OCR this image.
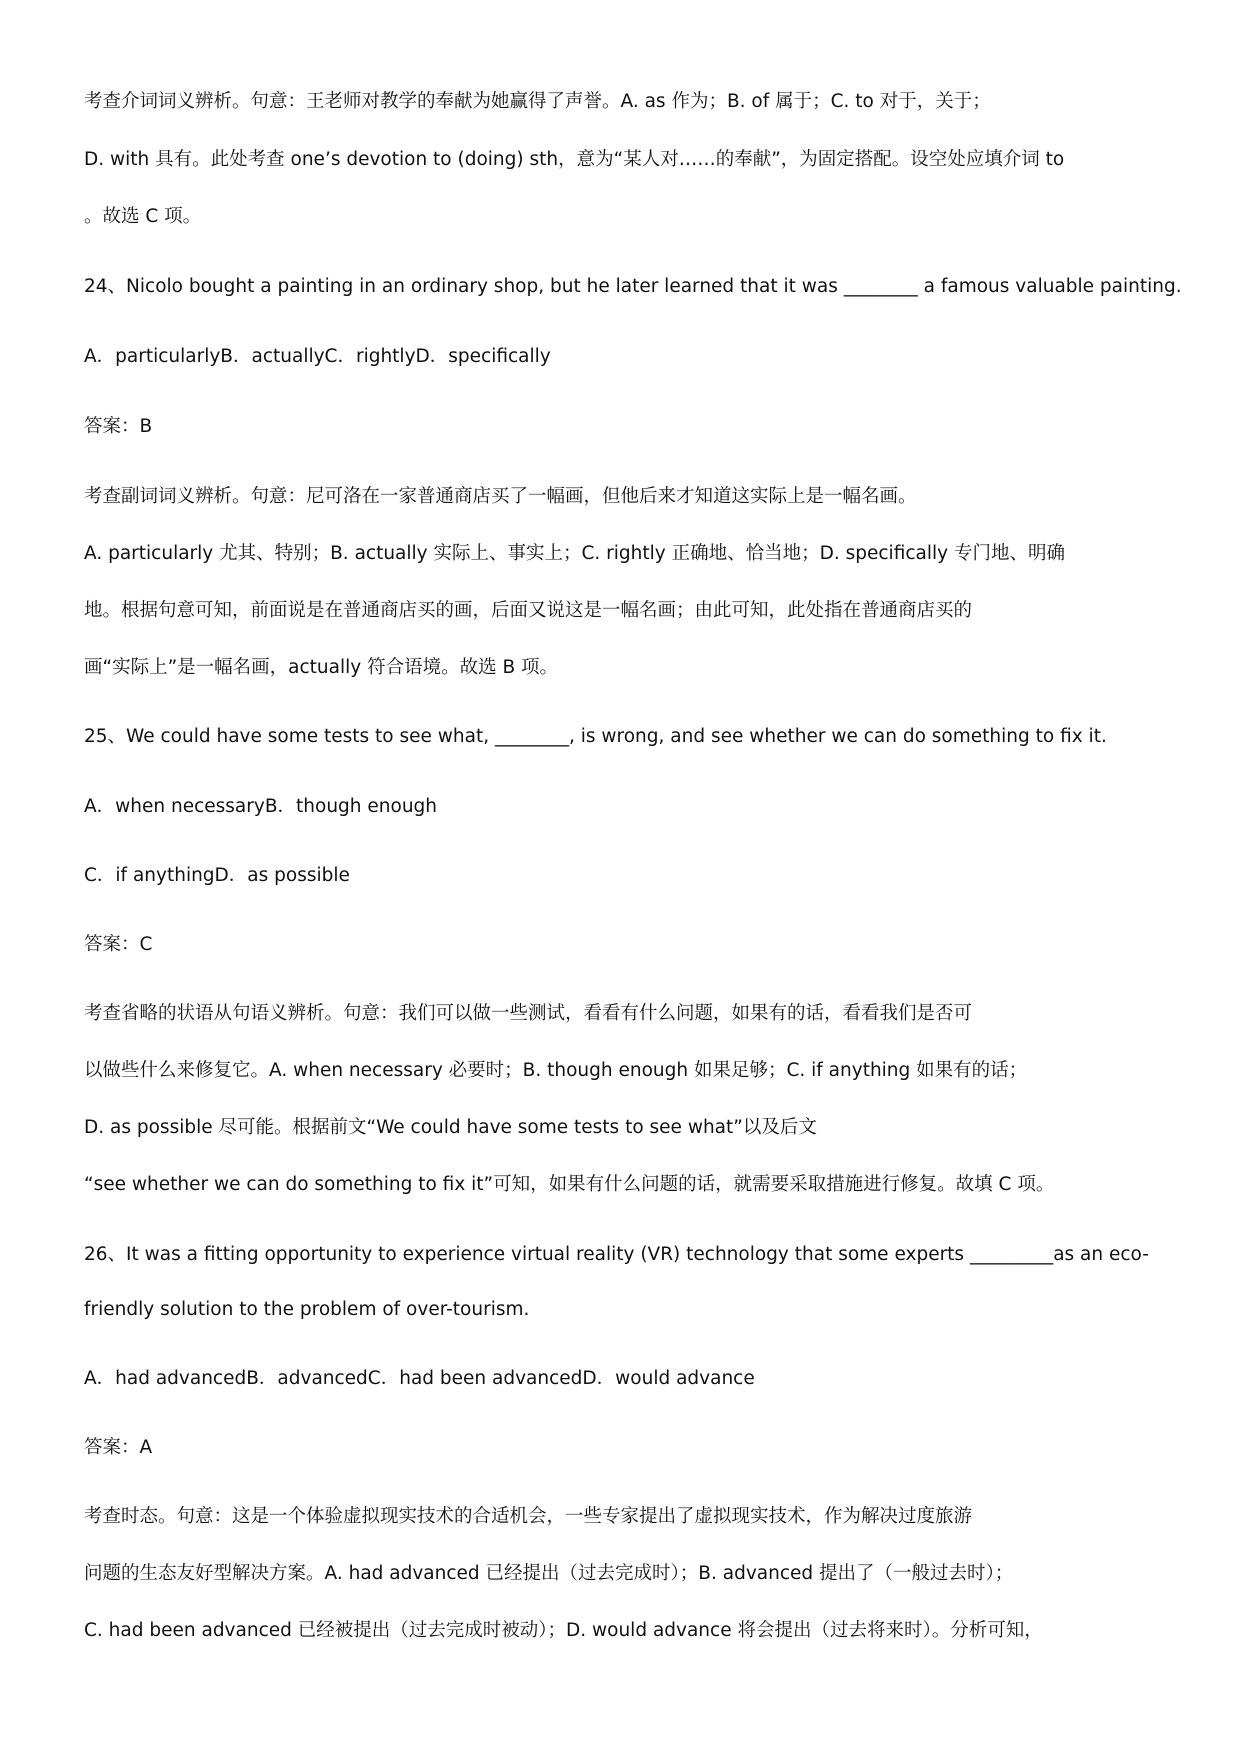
考查介词词义辨析。句意：王老师对教学的奉献为她赢得了声誉。A. as 作为；B. of 属于；C. to 对于，关于；
D. with 具有。此处考查 one’s devotion to (doing) sth，意为“某人对……的奉献”，为固定搭配。设空处应填介词 to
。故选 C 项。
24、Nicolo bought a painting in an ordinary shop, but he later learned that it was ________ a famous valuable painting.
A．particularlyB．actuallyC．rightlyD．specifically
答案：B
考查副词词义辨析。句意：尼可洛在一家普通商店买了一幅画，但他后来才知道这实际上是一幅名画。
A. particularly 尤其、特别；B. actually 实际上、事实上；C. rightly 正确地、恰当地；D. specifically 专门地、明确
地。根据句意可知，前面说是在普通商店买的画，后面又说这是一幅名画；由此可知，此处指在普通商店买的
画“实际上”是一幅名画，actually 符合语境。故选 B 项。
25、We could have some tests to see what, ________, is wrong, and see whether we can do something to fix it.
A．when necessaryB．though enough
C．if anythingD．as possible
答案：C
考查省略的状语从句语义辨析。句意：我们可以做一些测试，看看有什么问题，如果有的话，看看我们是否可
以做些什么来修复它。A. when necessary 必要时；B. though enough 如果足够；C. if anything 如果有的话；
D. as possible 尽可能。根据前文“We could have some tests to see what”以及后文
“see whether we can do something to fix it”可知，如果有什么问题的话，就需要采取措施进行修复。故填 C 项。
26、It was a fitting opportunity to experience virtual reality (VR) technology that some experts _________as an eco-
friendly solution to the problem of over-tourism.
A．had advancedB．advancedC．had been advancedD．would advance
答案：A
考查时态。句意：这是一个体验虚拟现实技术的合适机会，一些专家提出了虚拟现实技术，作为解决过度旅游
问题的生态友好型解决方案。A. had advanced 已经提出（过去完成时）；B. advanced 提出了（一般过去时）；
C. had been advanced 已经被提出（过去完成时被动）；D. would advance 将会提出（过去将来时）。分析可知，
